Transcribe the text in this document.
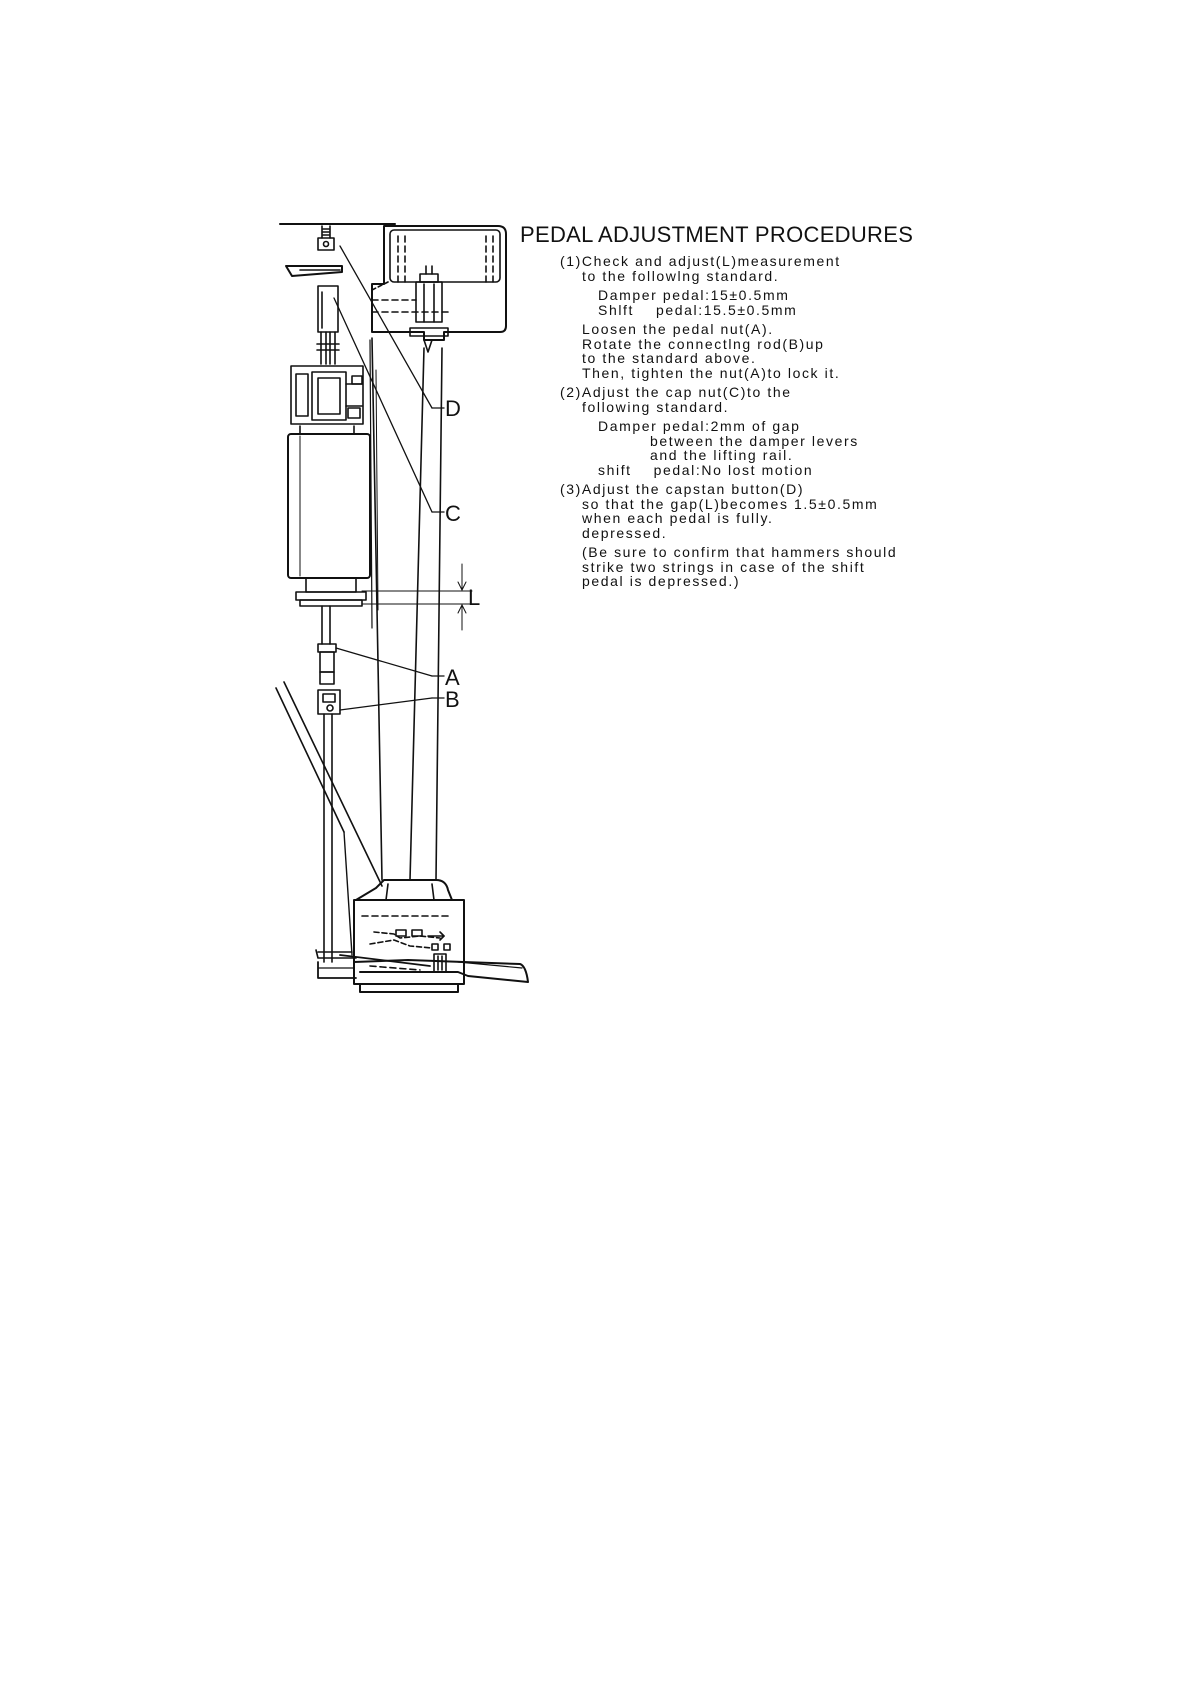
D
C
L
A
B
PEDAL ADJUSTMENT PROCEDURES
(1)Check and adjust(L)measurement
to the followlng standard.
Damper pedal:15±0.5mm
Shlft    pedal:15.5±0.5mm
Loosen the pedal nut(A).
Rotate the connectlng rod(B)up
to the standard above.
Then, tighten the nut(A)to lock it.
(2)Adjust the cap nut(C)to the
following standard.
Damper pedal:2mm of gap
between the damper levers
and the lifting rail.
shift    pedal:No lost motion
(3)Adjust the capstan button(D)
so that the gap(L)becomes 1.5±0.5mm
when each pedal is fully.
depressed.
(Be sure to confirm that hammers should
strike two strings in case of the shift
pedal is depressed.)
